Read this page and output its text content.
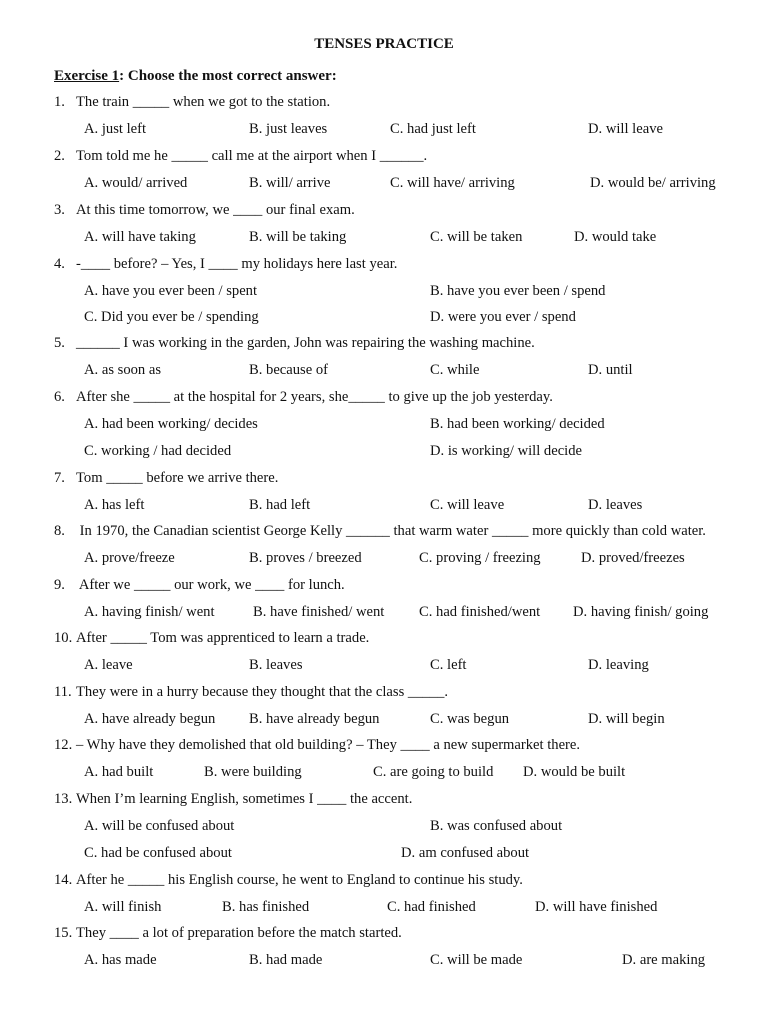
TENSES PRACTICE
Exercise 1: Choose the most correct answer:
1. The train _____ when we got to the station.
A. just left	B. just leaves	C. had just left	D. will leave
2. Tom told me he _____ call me at the airport when I ______.
A. would/ arrived	B. will/ arrive	C. will have/ arriving	D. would be/ arriving
3. At this time tomorrow, we ____ our final exam.
A. will have taking	B. will be taking	C. will be taken	D. would take
4. -____ before? – Yes, I ____ my holidays here last year.
A. have you ever been / spent	B. have you ever been / spend
C. Did you ever be / spending	D. were you ever / spend
5. ______ I was working in the garden, John was repairing the washing machine.
A. as soon as	B. because of	C. while	D. until
6. After she _____ at the hospital for 2 years, she_____ to give up the job yesterday.
A. had been working/ decides	B. had been working/ decided
C. working / had decided	D. is working/ will decide
7. Tom _____ before we arrive there.
A. has left	B. had left	C. will leave	D. leaves
8. In 1970, the Canadian scientist George Kelly ______ that warm water _____ more quickly than cold water.
A. prove/freeze	B. proves / breezed	C. proving / freezing	D. proved/freezes
9. After we _____ our work, we ____ for lunch.
A. having finish/ went	B. have finished/ went C. had finished/went D. having finish/ going
10. After _____ Tom was apprenticed to learn a trade.
A. leave	B. leaves	C. left	D. leaving
11. They were in a hurry because they thought that the class _____.
A. have already begun B. have already begun	C. was begun	D. will begin
12. – Why have they demolished that old building? – They ____ a new supermarket there.
A. had built	B. were building	C. are going to build D. would be built
13. When I’m learning English, sometimes I ____ the accent.
A. will be confused about	B. was confused about
C. had be confused about	D. am confused about
14. After he _____ his English course, he went to England to continue his study.
A. will finish	B. has finished	C. had finished	D. will have finished
15. They ____ a lot of preparation before the match started.
A. has made	B. had made	C. will be made	D. are making
